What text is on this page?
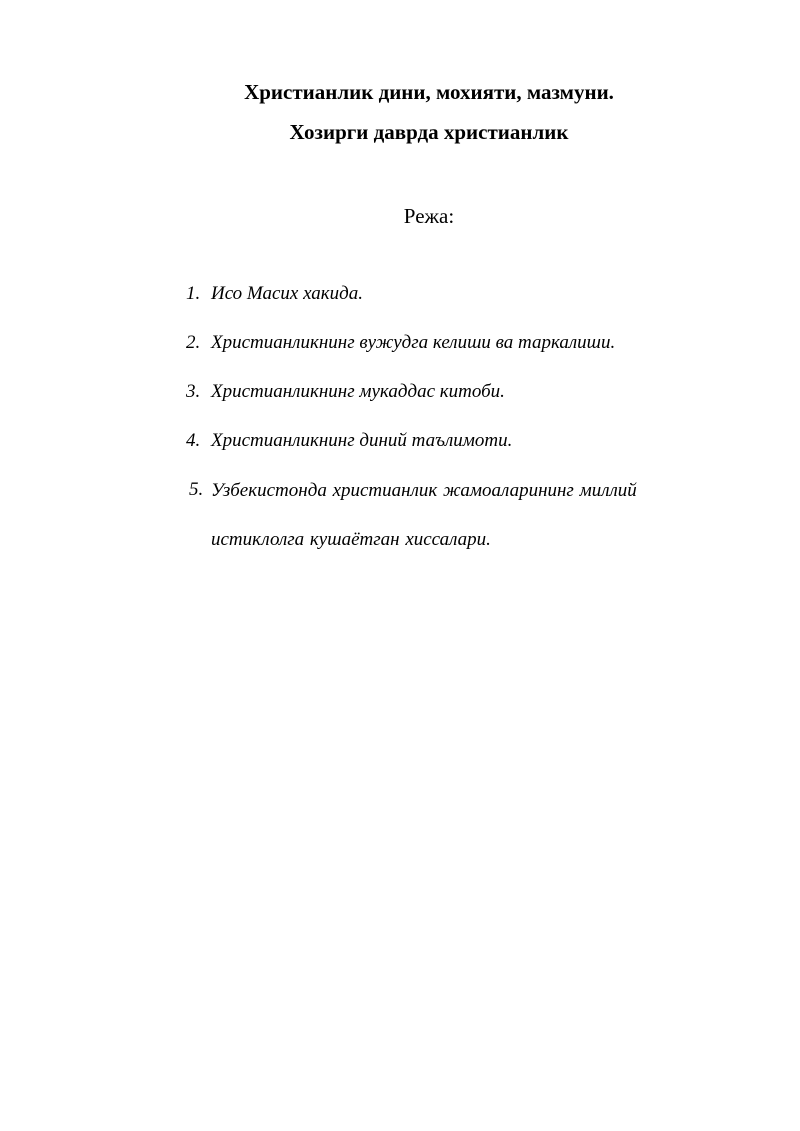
Христианлик дини, мохияти, мазмуни.
Хозирги даврда христианлик

Режа:

1. Исо Масих хакида.
2. Христианликнинг вужудга келиши ва таркалиши.
3. Христианликнинг мукаддас китоби.
4. Христианликнинг диний таълимоти.
5. Узбекистонда христианлик жамоаларининг миллий истиклолга кушаётган хиссалари.
